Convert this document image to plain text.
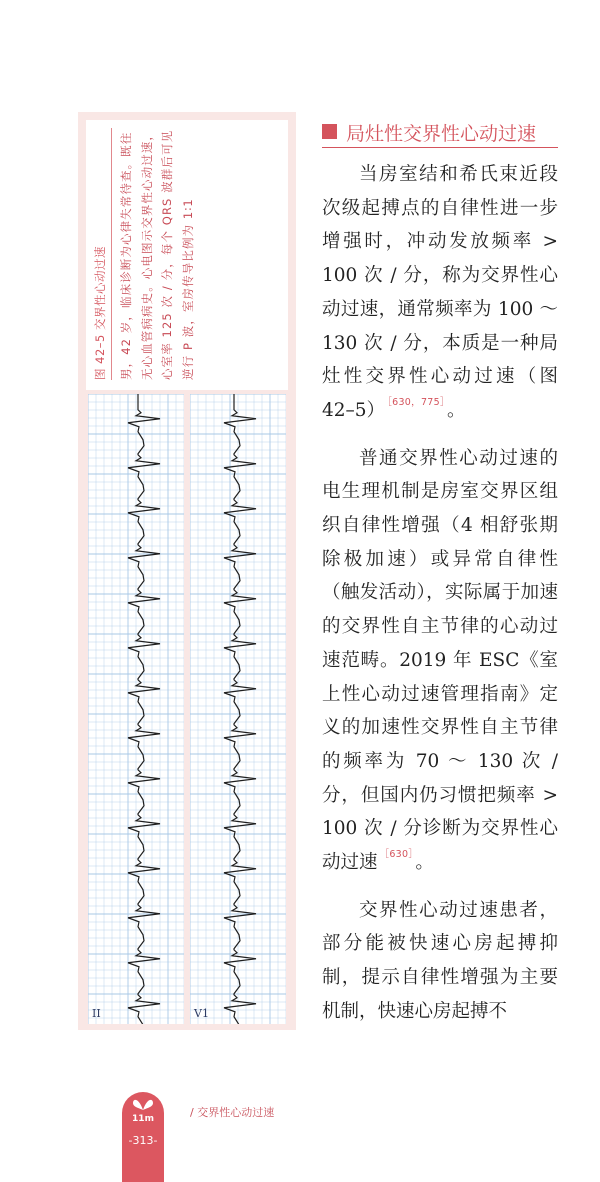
图 42–5 交界性心动过速	男，42 岁，临床诊断为心律失常待查。既往无心血管病病史。心电图示交界性心动过速，心室率 125 次 / 分，每个 QRS 波群后可见逆行 P 波，室房传导比例为 1∶1
II	V1
局灶性交界性心动过速

当房室结和希氏束近段次级起搏点的自律性进一步增强时，冲动发放频率 > 100 次 / 分，称为交界性心动过速，通常频率为 100 ～ 130 次 / 分，本质是一种局灶性交界性心动过速（图 42–5） $^{[630,775]}$ 。

普通交界性心动过速的电生理机制是房室交界区组织自律性增强（4 相舒张期除极加速）或异常自律性（触发活动），实际属于加速的交界性自主节律的心动过速范畴。2019 年 ESC《室上性心动过速管理指南》定义的加速性交界性自主节律的频率为 70 ～ 130 次 / 分，但国内仍习惯把频率 > 100 次 / 分诊断为交界性心动过速 $^{[630]}$ 。

交界性心动过速患者，部分能被快速心房起搏抑制，提示自律性增强为主要机制，快速心房起搏不

11m
-313-
/ 交界性心动过速
